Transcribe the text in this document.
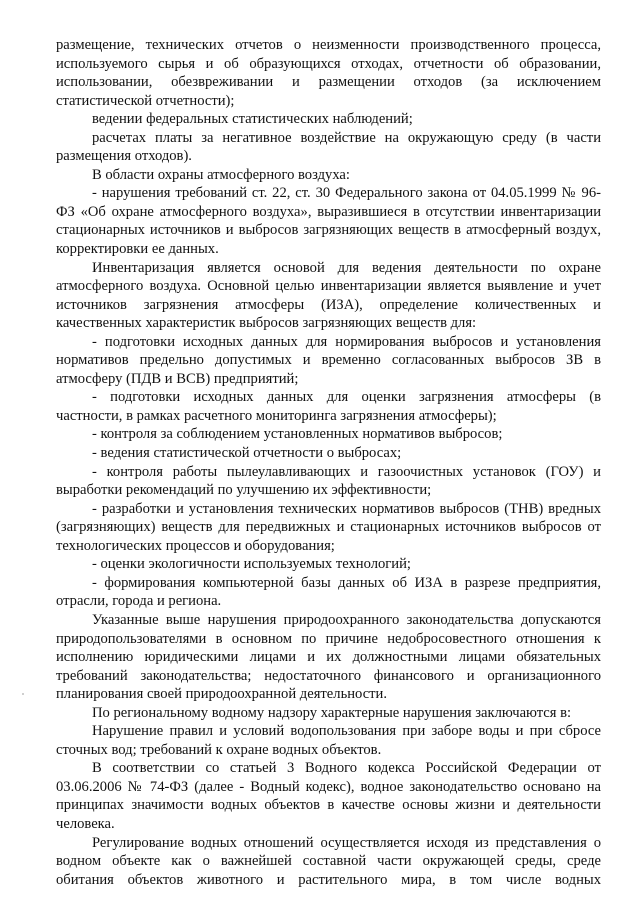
размещение, технических отчетов о неизменности производственного процесса,
используемого сырья и об образующихся отходах, отчетности об образовании,
использовании, обезвреживании и размещении отходов (за исключением
статистической отчетности);
ведении федеральных статистических наблюдений;
расчетах платы за негативное воздействие на окружающую среду (в части
размещения отходов).
В области охраны атмосферного воздуха:
- нарушения требований ст. 22, ст. 30 Федерального закона от 04.05.1999 № 96-
ФЗ «Об охране атмосферного воздуха», выразившиеся в отсутствии инвентаризации
стационарных источников и выбросов загрязняющих веществ в атмосферный воздух,
корректировки ее данных.
Инвентаризация является основой для ведения деятельности по охране
атмосферного воздуха. Основной целью инвентаризации является выявление и учет
источников загрязнения атмосферы (ИЗА), определение количественных и
качественных характеристик выбросов загрязняющих веществ для:
- подготовки исходных данных для нормирования выбросов и установления
нормативов предельно допустимых и временно согласованных выбросов ЗВ в
атмосферу (ПДВ и ВСВ) предприятий;
- подготовки исходных данных для оценки загрязнения атмосферы (в
частности, в рамках расчетного мониторинга загрязнения атмосферы);
- контроля за соблюдением установленных нормативов выбросов;
- ведения статистической отчетности о выбросах;
- контроля работы пылеулавливающих и газоочистных установок (ГОУ) и
выработки рекомендаций по улучшению их эффективности;
- разработки и установления технических нормативов выбросов (ТНВ) вредных
(загрязняющих) веществ для передвижных и стационарных источников выбросов от
технологических процессов и оборудования;
- оценки экологичности используемых технологий;
- формирования компьютерной базы данных об ИЗА в разрезе предприятия,
отрасли, города и региона.
Указанные выше нарушения природоохранного законодательства допускаются
природопользователями в основном по причине недобросовестного отношения к
исполнению юридическими лицами и их должностными лицами обязательных
требований законодательства; недостаточного финансового и организационного
планирования своей природоохранной деятельности.
По региональному водному надзору характерные нарушения заключаются в:
Нарушение правил и условий водопользования при заборе воды и при сбросе
сточных вод; требований к охране водных объектов.
В соответствии со статьей 3 Водного кодекса Российской Федерации от
03.06.2006 № 74-ФЗ (далее - Водный кодекс), водное законодательство основано на
принципах значимости водных объектов в качестве основы жизни и деятельности
человека.
Регулирование водных отношений осуществляется исходя из представления о
водном объекте как о важнейшей составной части окружающей среды, среде
обитания объектов животного и растительного мира, в том числе водных
